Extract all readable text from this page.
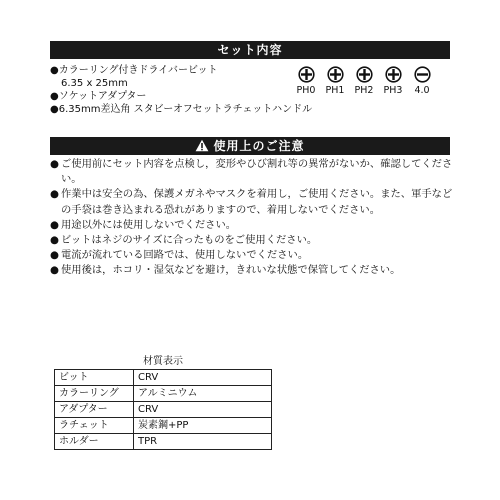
セット内容
●カラーリング付きドライバービット
6.35 x 25mm
●ソケットアダプター
●6.35mm差込角 スタビーオフセットラチェットハンドル
PH0	PH1	PH2	PH3	4.0
使用上のご注意
● ご使用前にセット内容を点検し，変形やひび割れ等の異常がないか、確認してください。
● 作業中は安全の為、保護メガネやマスクを着用し，ご使用ください。また、軍手などの手袋は巻き込まれる恐れがありますので、着用しないでください。
● 用途以外には使用しないでください。
● ビットはネジのサイズに合ったものをご使用ください。
● 電流が流れている回路では、使用しないでください。
● 使用後は，ホコリ・湿気などを避け，きれいな状態で保管してください。
材質表示
ビット	CRV
カラーリング	アルミニウム
アダプター	CRV
ラチェット	炭素鋼+PP
ホルダー	TPR
